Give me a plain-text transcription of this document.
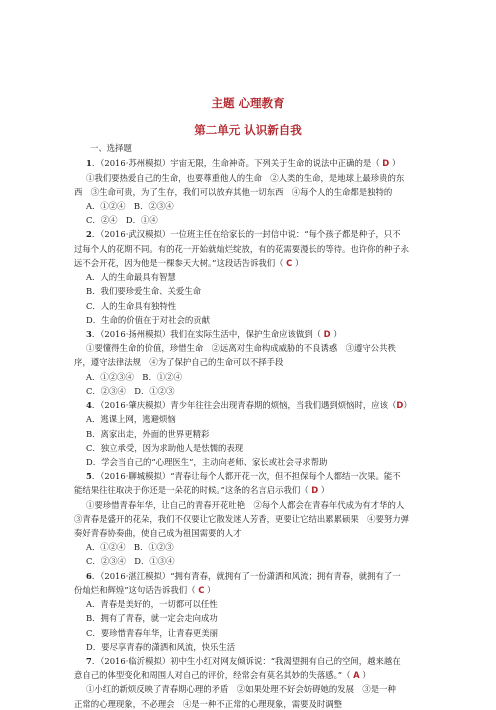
主题 心理教育
第二单元 认识新自我
一、选择题
1．（2016·苏州模拟）宇宙无限，生命神奇。下列关于生命的说法中正确的是（ D ）
①我们要热爱自己的生命，也要尊重他人的生命　②人类的生命，是地球上最珍贵的东
西　③生命可贵，为了生存，我们可以放弃其他一切东西　④每个人的生命都是独特的
A．①②④　B．②③④
C．②④　D．①④
2．（2016·武汉模拟）一位班主任在给家长的一封信中说：“每个孩子都是种子，只不
过每个人的花期不同。有的花一开始就灿烂绽放，有的花需要漫长的等待。也许你的种子永
远不会开花，因为他是一棵参天大树。”这段话告诉我们（ C ）
A．人的生命最具有智慧
B．我们要珍爱生命、关爱生命
C．人的生命具有独特性
D．生命的价值在于对社会的贡献
3．（2016·扬州模拟）我们在实际生活中，保护生命应该做到（ D ）
①要懂得生命的价值，珍惜生命　②远离对生命构成威胁的不良诱惑　③遵守公共秩
序，遵守法律法规　④为了保护自己的生命可以不择手段
A．①②③④　B．①②④
C．②③④　D．①②③
4．（2016·肇庆模拟）青少年往往会出现青春期的烦恼，当我们遇到烦恼时，应该（D）
A．逃课上网，逃避烦恼
B．离家出走，外面的世界更精彩
C．独立承受，因为求助他人是怯懦的表现
D．学会当自己的“心理医生”，主动向老师、家长或社会寻求帮助
5．（2016·聊城模拟）“青春让每个人都开花一次，但不担保每个人都结一次果。能不
能结果往往取决于你还是一朵花的时候。”这条的名言启示我们（ D ）
①要珍惜青春年华，让自己的青春开花吐艳　②每个人都会在青春年代成为有才华的人
③青春是盛开的花朵，我们不仅要让它散发迷人芳香，更要让它结出累累硕果　④要努力弹
奏好青春协奏曲，使自己成为祖国需要的人才
A．①②④　B．①②③
C．②③④　D．①③④
6．（2016·湛江模拟）“拥有青春，就拥有了一份潇洒和风流；拥有青春，就拥有了一
份灿烂和辉煌”这句话告诉我们（ C ）
A．青春是美好的，一切都可以任性
B．拥有了青春，就一定会走向成功
C．要珍惜青春年华，让青春更美丽
D．要尽享青春的潇洒和风流，快乐生活
7．（2016·临沂模拟）初中生小红对网友倾诉说：“我渴望拥有自己的空间，越来越在
意自己的体型变化和周围人对自己的评价，经常会有莫名其妙的失落感。”（ A ）
①小红的新烦反映了青春期心理的矛盾　②如果处理不好会妨碍她的发展　③是一种
正常的心理现象，不必理会　④是一种不正常的心理现象，需要及时调整
